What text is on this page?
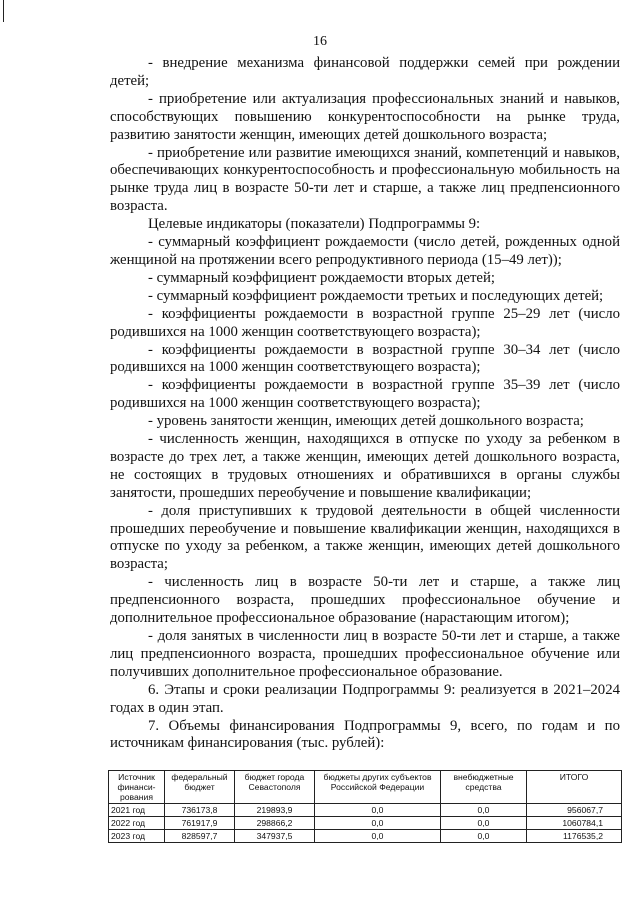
16

- внедрение механизма финансовой поддержки семей при рождении детей;

- приобретение или актуализация профессиональных знаний и навыков, способствующих повышению конкурентоспособности на рынке труда, развитию занятости женщин, имеющих детей дошкольного возраста;

- приобретение или развитие имеющихся знаний, компетенций и навыков, обеспечивающих конкурентоспособность и профессиональную мобильность на рынке труда лиц в возрасте 50-ти лет и старше, а также лиц предпенсионного возраста.

Целевые индикаторы (показатели) Подпрограммы 9:

- суммарный коэффициент рождаемости (число детей, рожденных одной женщиной на протяжении всего репродуктивного периода (15–49 лет));

- суммарный коэффициент рождаемости вторых детей;

- суммарный коэффициент рождаемости третьих и последующих детей;

- коэффициенты рождаемости в возрастной группе 25–29 лет (число родившихся на 1000 женщин соответствующего возраста);

- коэффициенты рождаемости в возрастной группе 30–34 лет (число родившихся на 1000 женщин соответствующего возраста);

- коэффициенты рождаемости в возрастной группе 35–39 лет (число родившихся на 1000 женщин соответствующего возраста);

- уровень занятости женщин, имеющих детей дошкольного возраста;

- численность женщин, находящихся в отпуске по уходу за ребенком в возрасте до трех лет, а также женщин, имеющих детей дошкольного возраста, не состоящих в трудовых отношениях и обратившихся в органы службы занятости, прошедших переобучение и повышение квалификации;

- доля приступивших к трудовой деятельности в общей численности прошедших переобучение и повышение квалификации женщин, находящихся в отпуске по уходу за ребенком, а также женщин, имеющих детей дошкольного возраста;

- численность лиц в возрасте 50-ти лет и старше, а также лиц предпенсионного возраста, прошедших профессиональное обучение и дополнительное профессиональное образование (нарастающим итогом);

- доля занятых в численности лиц в возрасте 50-ти лет и старше, а также лиц предпенсионного возраста, прошедших профессиональное обучение или получивших дополнительное профессиональное образование.

6. Этапы и сроки реализации Подпрограммы 9: реализуется в 2021–2024 годах в один этап.

7. Объемы финансирования Подпрограммы 9, всего, по годам и по источникам финансирования (тыс. рублей):

Источник финанси-рования	федеральный бюджет	бюджет города Севастополя	бюджеты других субъектов Российской Федерации	внебюджетные средства	ИТОГО
2021 год	736173,8	219893,9	0,0	0,0	956067,7
2022 год	761917,9	298866,2	0,0	0,0	1060784,1
2023 год	828597,7	347937,5	0,0	0,0	1176535,2
